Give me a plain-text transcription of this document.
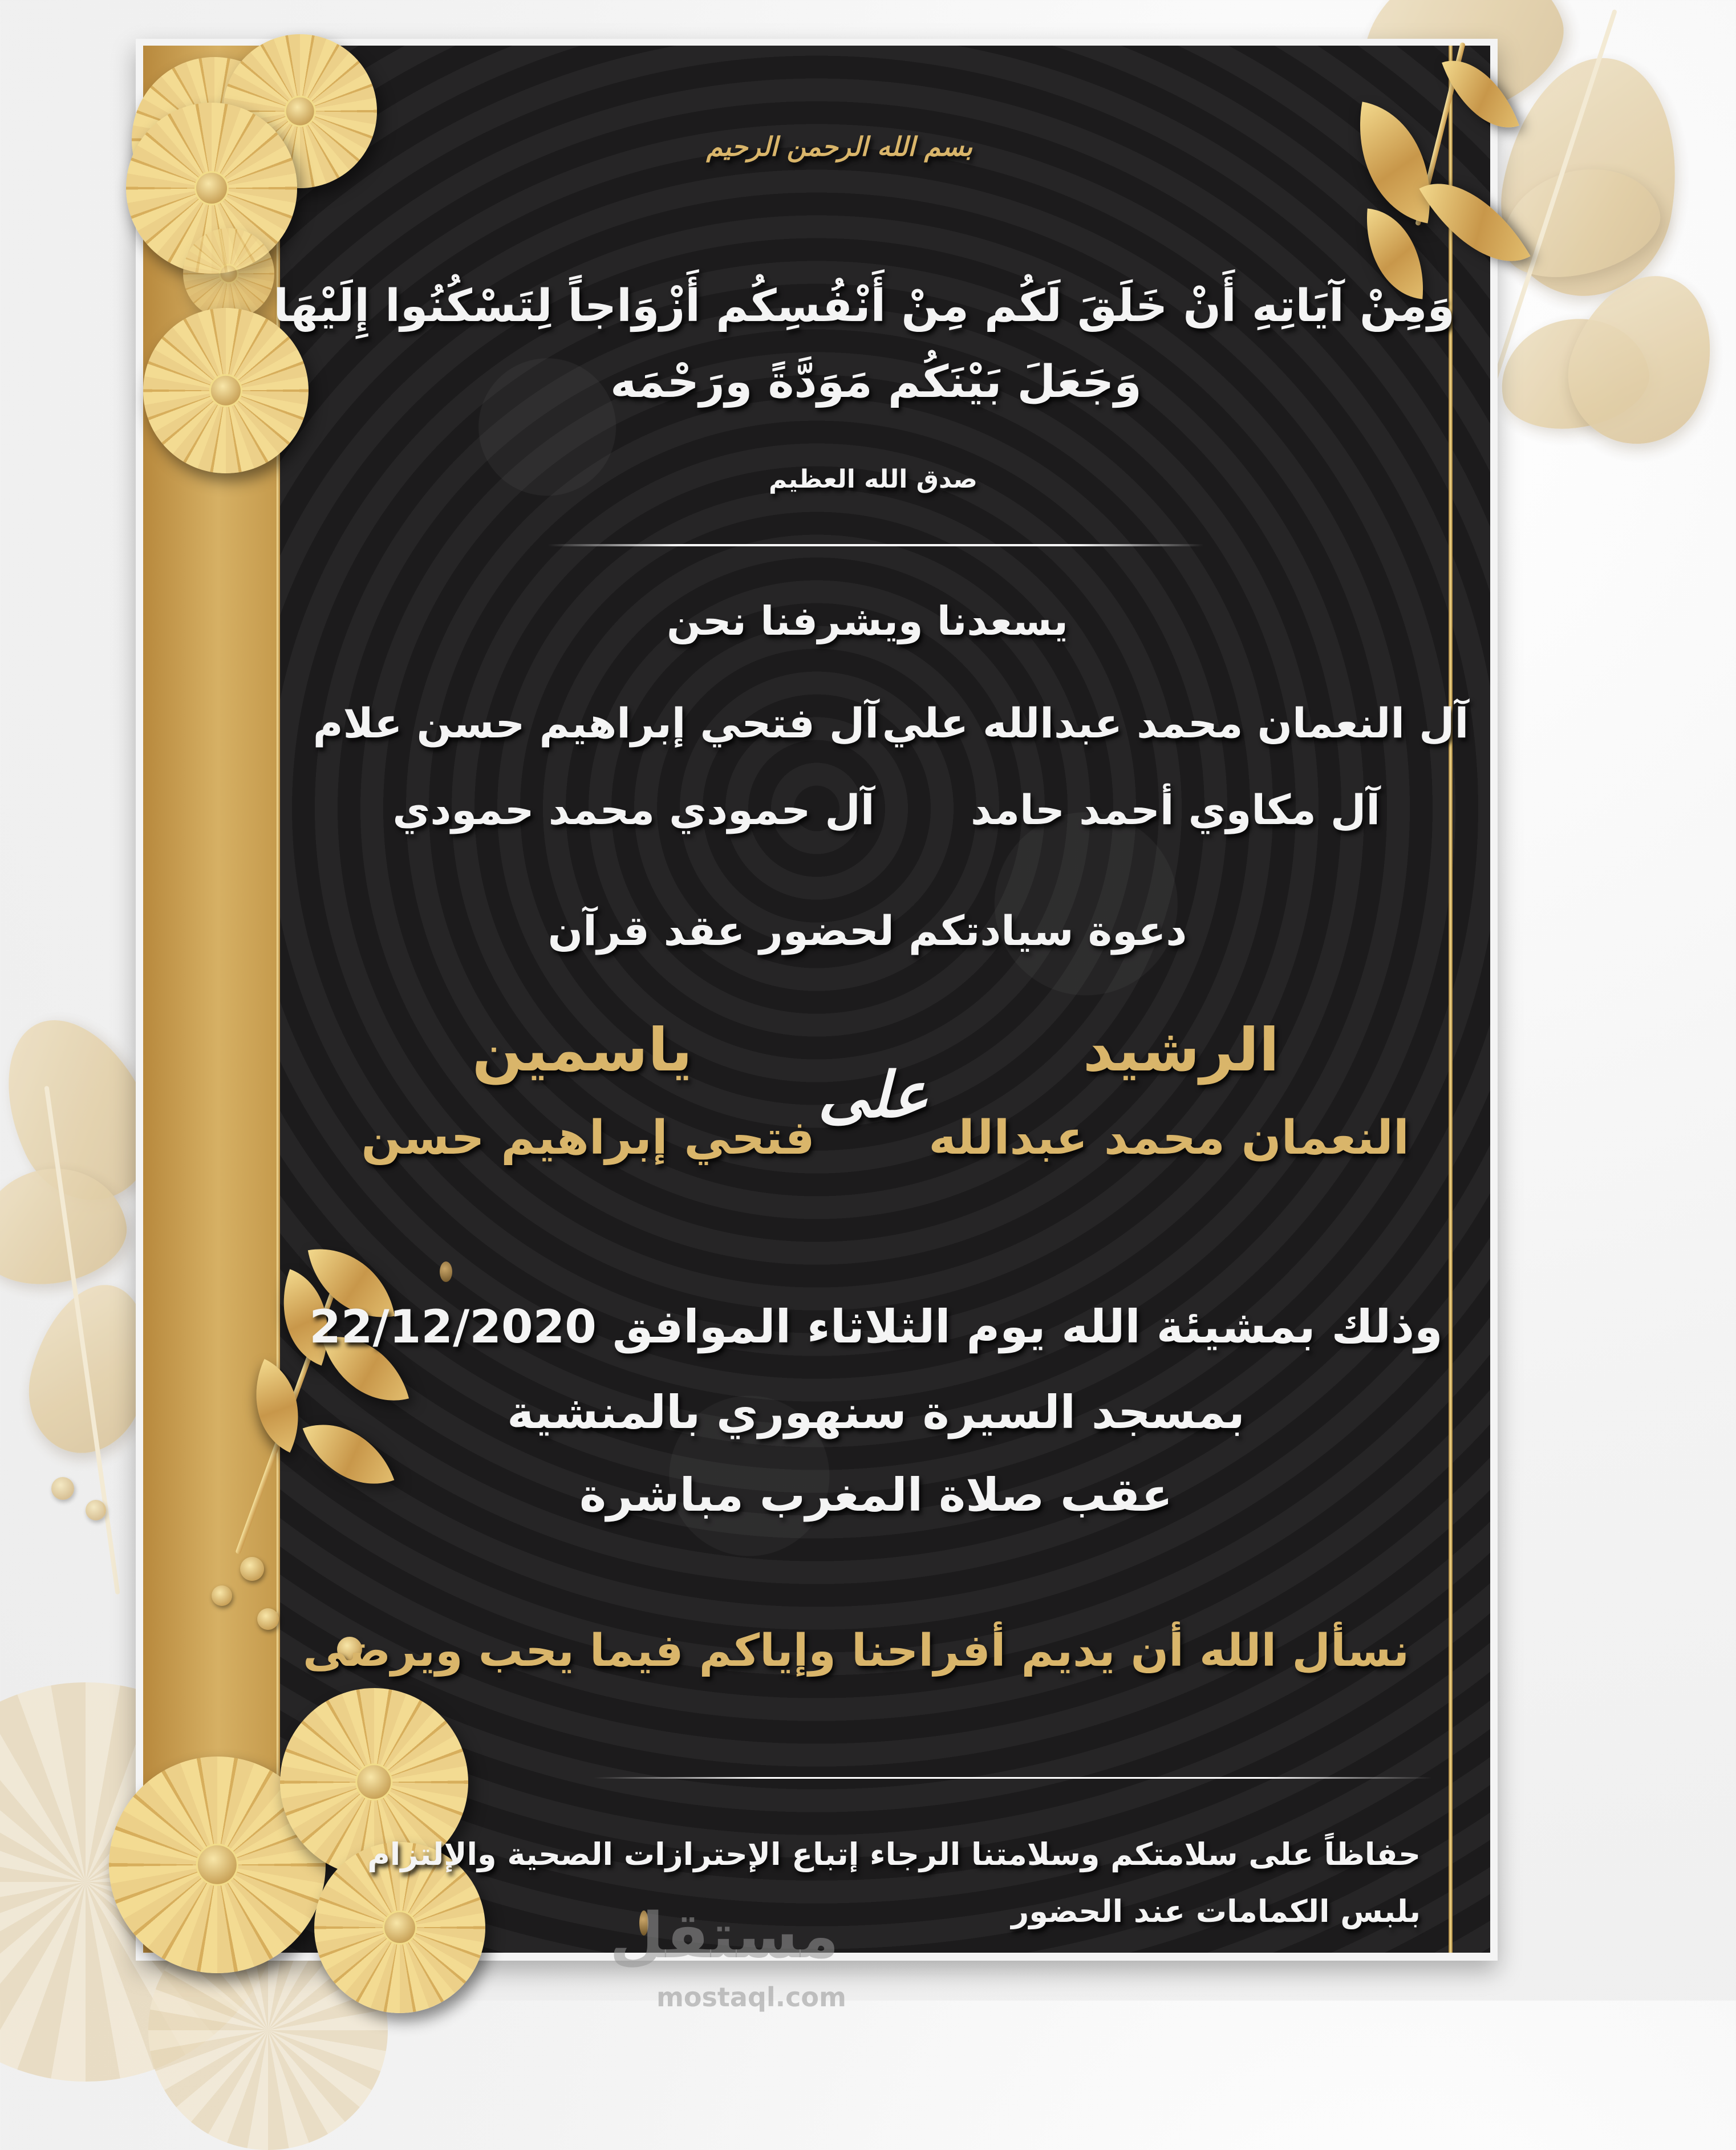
بسم الله الرحمن الرحيم
وَمِنْ آيَاتِهِ أَنْ خَلَقَ لَكُم مِنْ أَنْفُسِكُم أَزْوَاجاً لِتَسْكُنُوا إِلَيْهَا
وَجَعَلَ بَيْنَكُم مَوَدَّةً ورَحْمَه
صدق الله العظيم
يسعدنا ويشرفنا نحن
آل النعمان محمد عبدالله علي
آل فتحي إبراهيم حسن علام
آل مكاوي أحمد حامد
آل حمودي محمد حمودي
دعوة سيادتكم لحضور عقد قرآن
الرشيد
النعمان محمد عبدالله
على
ياسمين
فتحي إبراهيم حسن
وذلك بمشيئة الله يوم الثلاثاء الموافق 22/12/2020
بمسجد السيرة سنهوري بالمنشية
عقب صلاة المغرب مباشرة
نسأل الله أن يديم أفراحنا وإياكم فيما يحب ويرضى
حفاظاً على سلامتكم وسلامتنا الرجاء إتباع الإحترازات الصحية والإلتزام
بلبس الكمامات عند الحضور
مستقل
mostaql.com
